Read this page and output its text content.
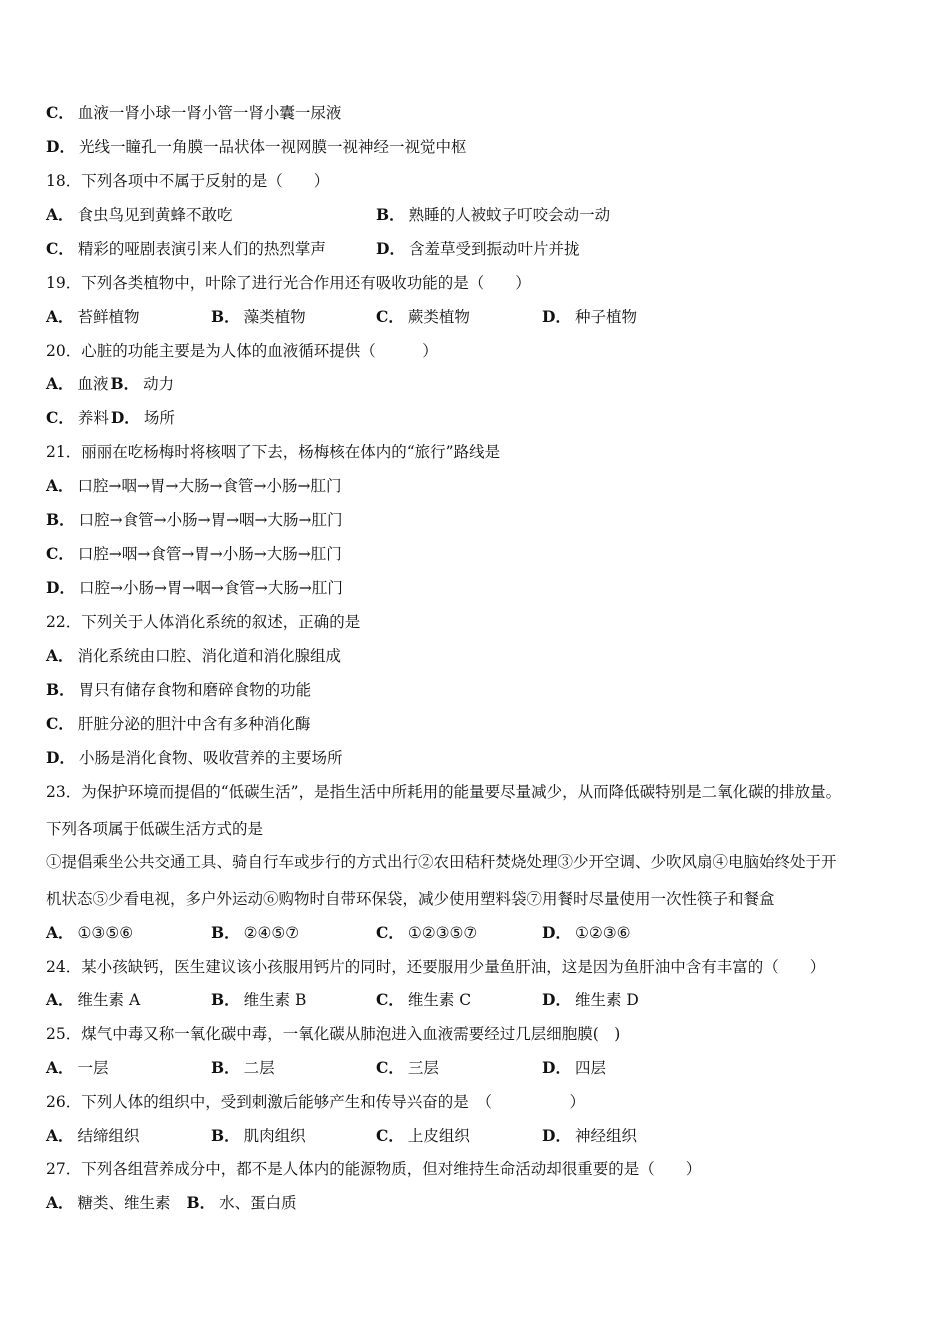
C． 血液一肾小球一肾小管一肾小囊一尿液
D． 光线一瞳孔一角膜一品状体一视网膜一视神经一视觉中枢
18．下列各项中不属于反射的是（　　）
A． 食虫鸟见到黄蜂不敢吃	B． 熟睡的人被蚊子叮咬会动一动
C． 精彩的哑剧表演引来人们的热烈掌声	D． 含羞草受到振动叶片并拢
19．下列各类植物中，叶除了进行光合作用还有吸收功能的是（　　）
A． 苔鲜植物	B． 藻类植物	C． 蕨类植物	D． 种子植物
20．心脏的功能主要是为人体的血液循环提供（　　　）
A． 血液 B． 动力
C． 养料 D． 场所
21．丽丽在吃杨梅时将核咽了下去，杨梅核在体内的“旅行”路线是
A． 口腔→咽→胃→大肠→食管→小肠→肛门
B． 口腔→食管→小肠→胃→咽→大肠→肛门
C． 口腔→咽→食管→胃→小肠→大肠→肛门
D． 口腔→小肠→胃→咽→食管→大肠→肛门
22．下列关于人体消化系统的叙述，正确的是
A． 消化系统由口腔、消化道和消化腺组成
B． 胃只有储存食物和磨碎食物的功能
C． 肝脏分泌的胆汁中含有多种消化酶
D． 小肠是消化食物、吸收营养的主要场所
23．为保护环境而提倡的“低碳生活”，是指生活中所耗用的能量要尽量减少，从而降低碳特别是二氧化碳的排放量。
下列各项属于低碳生活方式的是
①提倡乘坐公共交通工具、骑自行车或步行的方式出行②农田秸秆焚烧处理③少开空调、少吹风扇④电脑始终处于开
机状态⑤少看电视，多户外运动⑥购物时自带环保袋，减少使用塑料袋⑦用餐时尽量使用一次性筷子和餐盒
A． ①③⑤⑥	B． ②④⑤⑦	C． ①②③⑤⑦	D． ①②③⑥
24．某小孩缺钙，医生建议该小孩服用钙片的同时，还要服用少量鱼肝油，这是因为鱼肝油中含有丰富的（　　）
A． 维生素 A	B． 维生素 B	C． 维生素 C	D． 维生素 D
25．煤气中毒又称一氧化碳中毒，一氧化碳从肺泡进入血液需要经过几层细胞膜(　)
A． 一层	B． 二层	C． 三层	D． 四层
26．下列人体的组织中，受到刺激后能够产生和传导兴奋的是　（　　　　　）
A． 结缔组织	B． 肌肉组织	C． 上皮组织	D． 神经组织
27．下列各组营养成分中，都不是人体内的能源物质，但对维持生命活动却很重要的是（　　）
A． 糖类、维生素 B． 水、蛋白质
